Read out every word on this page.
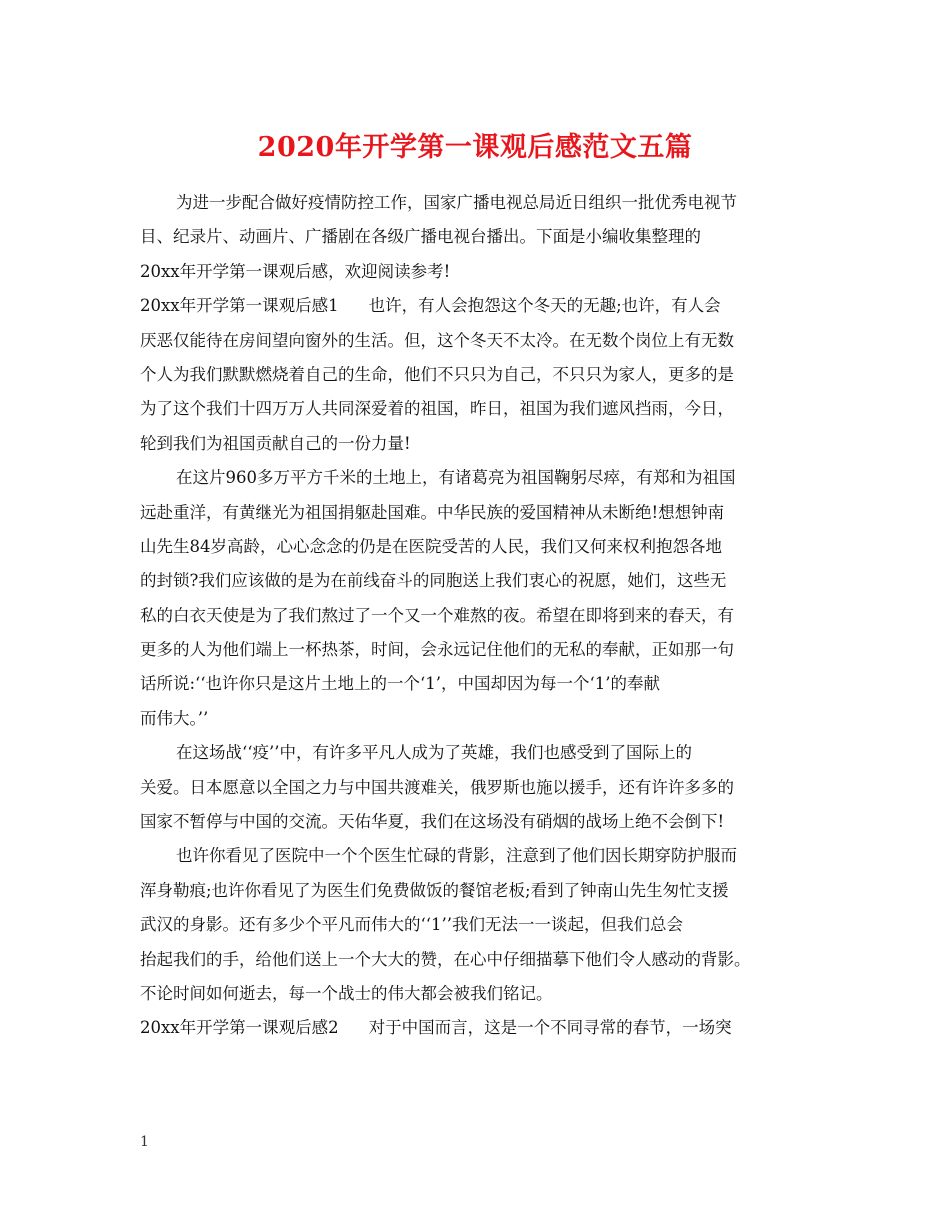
2020年开学第一课观后感范文五篇
为进一步配合做好疫情防控工作，国家广播电视总局近日组织一批优秀电视节
目、纪录片、动画片、广播剧在各级广播电视台播出。下面是小编收集整理的
20xx年开学第一课观后感，欢迎阅读参考!
20xx年开学第一课观后感1 也许，有人会抱怨这个冬天的无趣;也许，有人会
厌恶仅能待在房间望向窗外的生活。但，这个冬天不太冷。在无数个岗位上有无数
个人为我们默默燃烧着自己的生命，他们不只只为自己，不只只为家人，更多的是
为了这个我们十四万万人共同深爱着的祖国，昨日，祖国为我们遮风挡雨，今日，
轮到我们为祖国贡献自己的一份力量!
在这片960多万平方千米的土地上，有诸葛亮为祖国鞠躬尽瘁，有郑和为祖国
远赴重洋，有黄继光为祖国捐躯赴国难。中华民族的爱国精神从未断绝!想想钟南
山先生84岁高龄，心心念念的仍是在医院受苦的人民，我们又何来权利抱怨各地
的封锁?我们应该做的是为在前线奋斗的同胞送上我们衷心的祝愿，她们，这些无
私的白衣天使是为了我们熬过了一个又一个难熬的夜。希望在即将到来的春天，有
更多的人为他们端上一杯热茶，时间，会永远记住他们的无私的奉献，正如那一句
话所说:‘‘也许你只是这片土地上的一个‘1’，中国却因为每一个‘1’的奉献
而伟大。’’
在这场战‘‘疫’’中，有许多平凡人成为了英雄，我们也感受到了国际上的
关爱。日本愿意以全国之力与中国共渡难关，俄罗斯也施以援手，还有许许多多的
国家不暂停与中国的交流。天佑华夏，我们在这场没有硝烟的战场上绝不会倒下!
也许你看见了医院中一个个医生忙碌的背影，注意到了他们因长期穿防护服而
浑身勒痕;也许你看见了为医生们免费做饭的餐馆老板;看到了钟南山先生匆忙支援
武汉的身影。还有多少个平凡而伟大的‘‘1’’我们无法一一谈起，但我们总会
抬起我们的手，给他们送上一个大大的赞，在心中仔细描摹下他们令人感动的背影。
不论时间如何逝去，每一个战士的伟大都会被我们铭记。
20xx年开学第一课观后感2 对于中国而言，这是一个不同寻常的春节，一场突
1
